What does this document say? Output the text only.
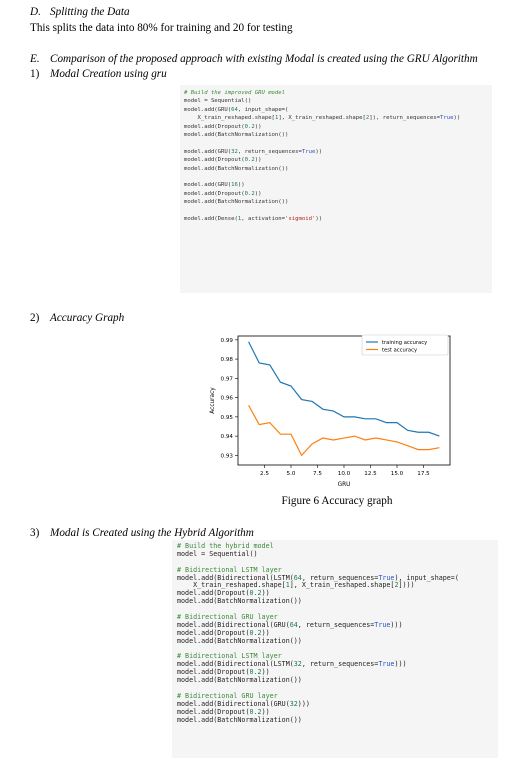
D. Splitting the Data
This splits the data into 80% for training and 20 for testing
E. Comparison of the proposed approach with existing Modal is created using the GRU Algorithm
1) Modal Creation using gru
# Build the improved GRU model
model = Sequential()
model.add(GRU(64, input_shape=(
X_train_reshaped.shape[1], X_train_reshaped.shape[2]), return_sequences=True))
model.add(Dropout(0.2))
model.add(BatchNormalization())
model.add(GRU(32, return_sequences=True))
model.add(Dropout(0.2))
model.add(BatchNormalization())
model.add(GRU(16))
model.add(Dropout(0.2))
model.add(BatchNormalization())
model.add(Dense(1, activation='sigmoid'))
2) Accuracy Graph
2.5	5.0	7.5	10.0	12.5	15.0	17.5
0.93
0.94
0.95
0.96
0.97
0.98
0.99
GRU
Accuracy
training accuracy
test accuracy
Figure 6 Accuracy graph
3) Modal is Created using the Hybrid Algorithm
# Build the hybrid model
model = Sequential()
# Bidirectional LSTM layer
model.add(Bidirectional(LSTM(64, return_sequences=True), input_shape=(
X_train_reshaped.shape[1], X_train_reshaped.shape[2])))
model.add(Dropout(0.2))
model.add(BatchNormalization())
# Bidirectional GRU layer
model.add(Bidirectional(GRU(64, return_sequences=True)))
model.add(Dropout(0.2))
model.add(BatchNormalization())
# Bidirectional LSTM layer
model.add(Bidirectional(LSTM(32, return_sequences=True)))
model.add(Dropout(0.2))
model.add(BatchNormalization())
# Bidirectional GRU layer
model.add(Bidirectional(GRU(32)))
model.add(Dropout(0.2))
model.add(BatchNormalization())
